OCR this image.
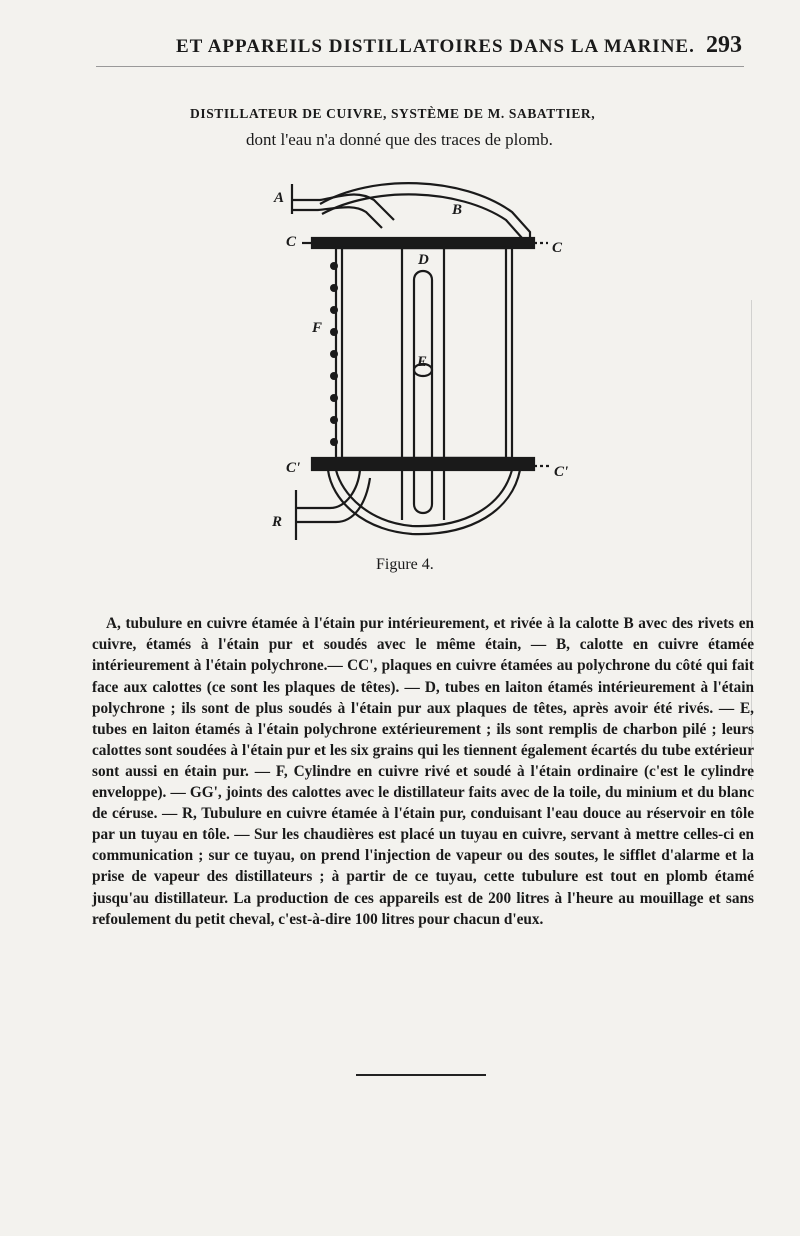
ET APPAREILS DISTILLATOIRES DANS LA MARINE. 293
DISTILLATEUR DE CUIVRE, SYSTÈME DE M. SABATTIER,
dont l'eau n'a donné que des traces de plomb.
A
B
C	C
D
F
E
C'	C'
R
Figure 4.

A, tubulure en cuivre étamée à l'étain pur intérieurement, et rivée à la calotte B avec des rivets en cuivre, étamés à l'étain pur et soudés avec le même étain, — B, calotte en cuivre étamée intérieurement à l'étain polychrone.— CC', plaques en cuivre étamées au polychrone du côté qui fait face aux calottes (ce sont les plaques de têtes). — D, tubes en laiton étamés intérieurement à l'étain polychrone ; ils sont de plus soudés à l'étain pur aux plaques de têtes, après avoir été rivés. — E, tubes en laiton étamés à l'étain polychrone extérieurement ; ils sont remplis de charbon pilé ; leurs calottes sont soudées à l'étain pur et les six grains qui les tiennent également écartés du tube extérieur sont aussi en étain pur. — F, Cylindre en cuivre rivé et soudé à l'étain ordinaire (c'est le cylindre enveloppe). — GG', joints des calottes avec le distillateur faits avec de la toile, du minium et du blanc de céruse. — R, Tubulure en cuivre étamée à l'étain pur, conduisant l'eau douce au réservoir en tôle par un tuyau en tôle. — Sur les chaudières est placé un tuyau en cuivre, servant à mettre celles-ci en communication ; sur ce tuyau, on prend l'injection de vapeur ou des soutes, le sifflet d'alarme et la prise de vapeur des distillateurs ; à partir de ce tuyau, cette tubulure est tout en plomb étamé jusqu'au distillateur. La production de ces appareils est de 200 litres à l'heure au mouillage et sans refoulement du petit cheval, c'est-à-dire 100 litres pour chacun d'eux.
